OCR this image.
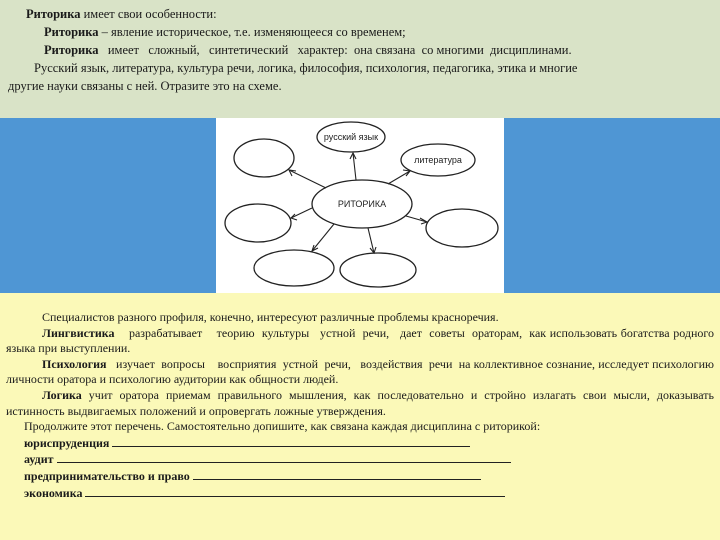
Риторика имеет свои особенности:

Риторика – явление историческое, т.е. изменяющееся со временем;

Риторика   имеет   сложный,   синтетический   характер:  она связана  со многими  дисциплинами.

Русский язык, литература, культура речи, логика, философия, психология, педагогика, этика и многие

другие науки связаны с ней. Отразите это на схеме.

РИТОРИКА
русский язык
литература

Специалистов разного профиля, конечно, интересуют различные проблемы красноречия.

Лингвистика    разрабатывает    теорию  культуры   устной  речи,   дает  советы  ораторам,  как использовать богатства родного языка при выступлении.

Психология   изучает  вопросы    восприятия  устной  речи,   воздействия  речи  на коллективное сознание, исследует психологию личности оратора и психологию аудитории как общности людей.

Логика учит оратора приемам правильного мышления, как последовательно и стройно излагать свои мысли, доказывать истинность выдвигаемых положений и опровергать ложные утверждения.

Продолжите этот перечень. Самостоятельно допишите, как связана каждая дисциплина с риторикой:

юриспруденция

аудит

предпринимательство и право

экономика
